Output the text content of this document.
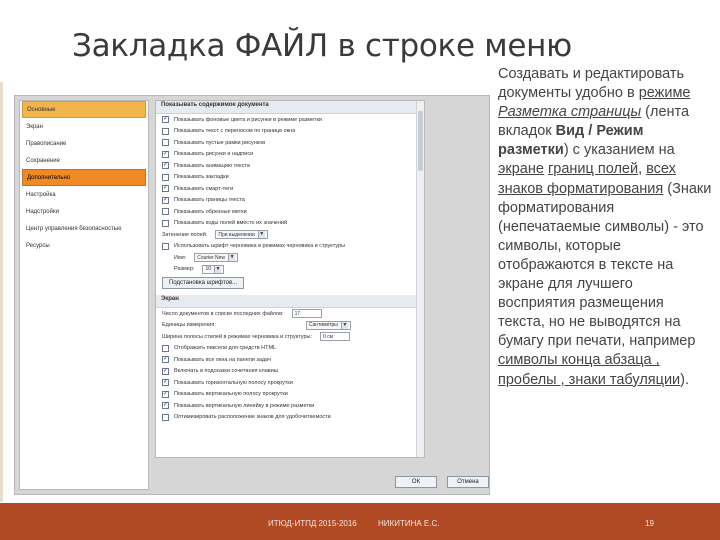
Закладка ФАЙЛ в строке меню
Основные
Экран
Правописание
Сохранение
Дополнительно
Настройка
Надстройки
Центр управления безопасностью
Ресурсы
Показывать содержимое документа
✓ Показывать фоновые цвета и рисунки в режиме разметки
Показывать текст с переносом по границе окна
Показывать пустые рамки рисунков
✓ Показывать рисунки и надписи
✓ Показывать анимацию текста
Показывать закладки
✓ Показывать смарт-теги
✓ Показывать границы текста
Показывать обрезные метки
Показывать коды полей вместо их значений
Затенение полей: При выделении ▼
Использовать шрифт черновика в режимах черновика и структуры
Имя: Courier New ▼
Размер: 10 ▼
Подстановка шрифтов...
Экран
Число документов в списке последних файлов:	17
Единицы измерения:	Сантиметры ▼
Ширина полосы стилей в режимах черновика и структуры:	0 см
Отображать пиксели для средств HTML
✓ Показывать все окна на панели задач
✓ Включать в подсказки сочетания клавиш
✓ Показывать горизонтальную полосу прокрутки
✓ Показывать вертикальную полосу прокрутки
✓ Показывать вертикальную линейку в режиме разметки
Оптимизировать расположение знаков для удобочитаемости
ОК	Отмена
Создавать и редактировать документы удобно в режиме Разметка страницы (лента вкладок Вид / Режим разметки) с указанием на экране границ полей, всех знаков форматирования (Знаки форматирования (непечатаемые символы) - это символы, которые отображаются в тексте на экране для лучшего восприятия размещения текста, но не выводятся на бумагу при печати, например символы конца абзаца , пробелы , знаки табуляции).
ИТЮД-ИТПД 2015-2016	НИКИТИНА Е.С.	19
